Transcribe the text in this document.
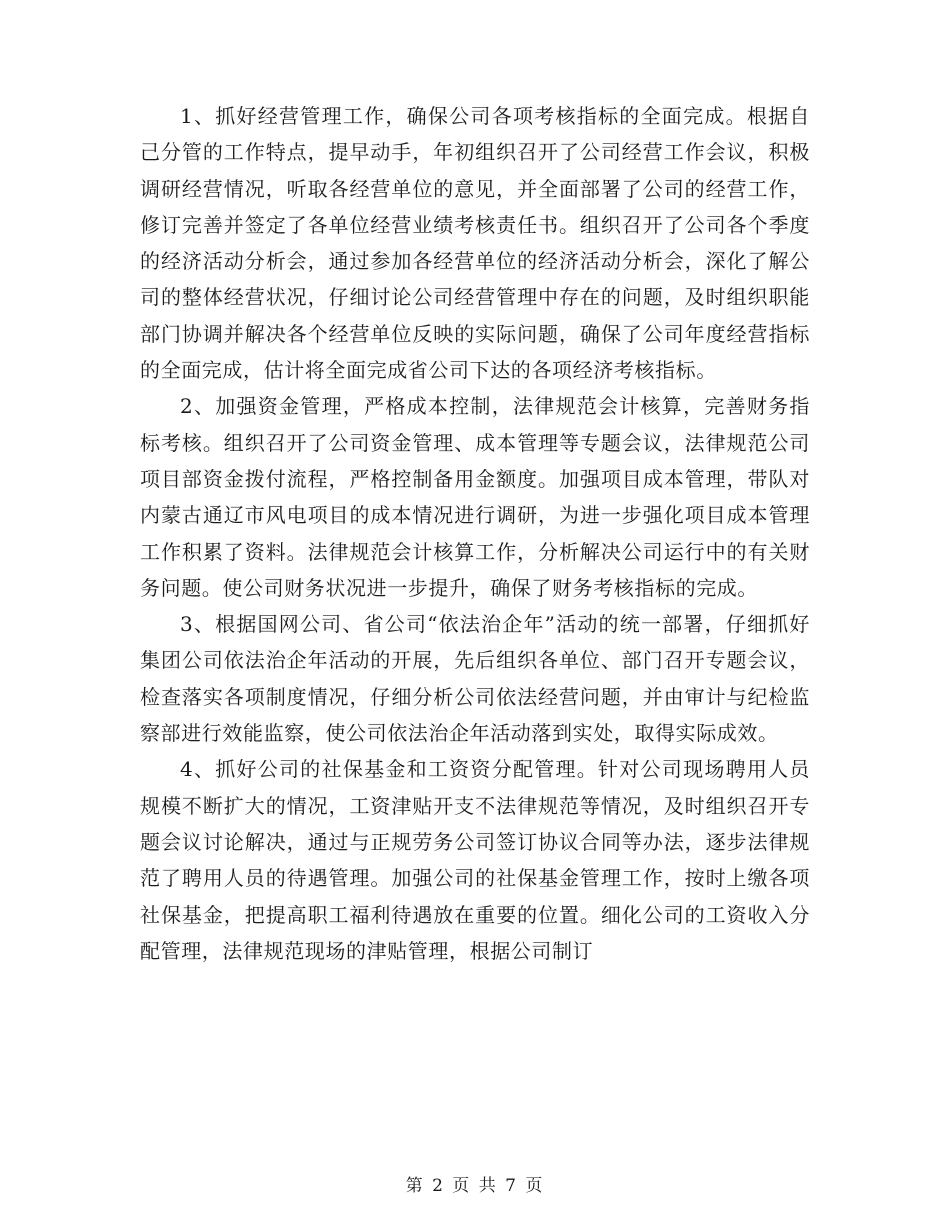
1、抓好经营管理工作，确保公司各项考核指标的全面完成。根据自己分管的工作特点，提早动手，年初组织召开了公司经营工作会议，积极调研经营情况，听取各经营单位的意见，并全面部署了公司的经营工作，修订完善并签定了各单位经营业绩考核责任书。组织召开了公司各个季度的经济活动分析会，通过参加各经营单位的经济活动分析会，深化了解公司的整体经营状况，仔细讨论公司经营管理中存在的问题，及时组织职能部门协调并解决各个经营单位反映的实际问题，确保了公司年度经营指标的全面完成，估计将全面完成省公司下达的各项经济考核指标。

2、加强资金管理，严格成本控制，法律规范会计核算，完善财务指标考核。组织召开了公司资金管理、成本管理等专题会议，法律规范公司项目部资金拨付流程，严格控制备用金额度。加强项目成本管理，带队对内蒙古通辽市风电项目的成本情况进行调研，为进一步强化项目成本管理工作积累了资料。法律规范会计核算工作，分析解决公司运行中的有关财务问题。使公司财务状况进一步提升，确保了财务考核指标的完成。

3、根据国网公司、省公司“依法治企年”活动的统一部署，仔细抓好集团公司依法治企年活动的开展，先后组织各单位、部门召开专题会议，检查落实各项制度情况，仔细分析公司依法经营问题，并由审计与纪检监察部进行效能监察，使公司依法治企年活动落到实处，取得实际成效。

4、抓好公司的社保基金和工资资分配管理。针对公司现场聘用人员规模不断扩大的情况，工资津贴开支不法律规范等情况，及时组织召开专题会议讨论解决，通过与正规劳务公司签订协议合同等办法，逐步法律规范了聘用人员的待遇管理。加强公司的社保基金管理工作，按时上缴各项社保基金，把提高职工福利待遇放在重要的位置。细化公司的工资收入分配管理，法律规范现场的津贴管理，根据公司制订

第 2 页 共 7 页
